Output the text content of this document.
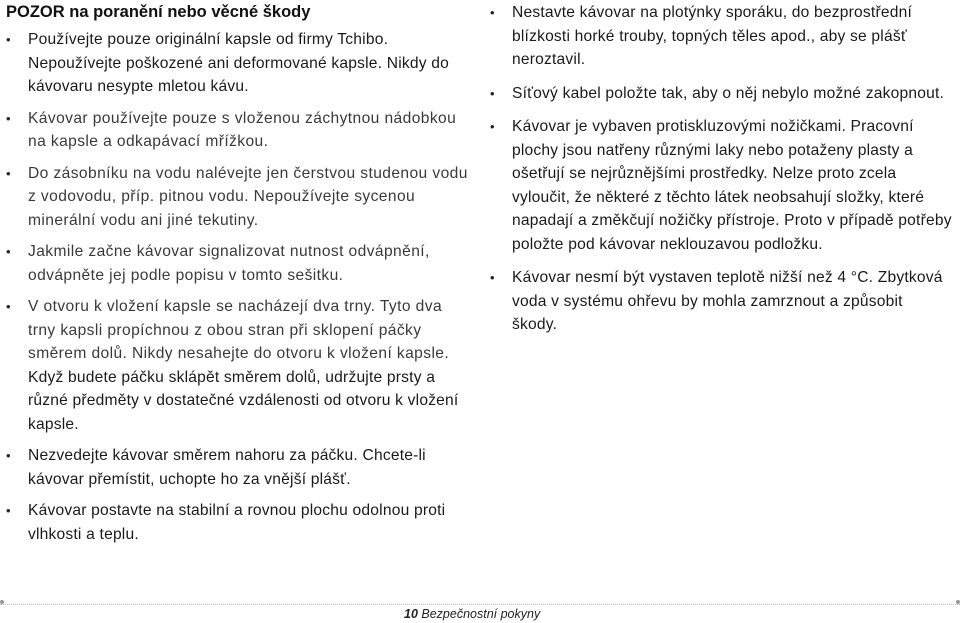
POZOR na poranění nebo věcné škody
• Používejte pouze originální kapsle od firmy Tchibo. Nepoužívejte poškozené ani deformované kapsle. Nikdy do kávovaru nesypte mletou kávu.
• Kávovar používejte pouze s vloženou záchytnou nádobkou na kapsle a odkapávací mřížkou.
• Do zásobníku na vodu nalévejte jen čerstvou studenou vodu z vodovodu, příp. pitnou vodu. Nepoužívejte sycenou minerální vodu ani jiné tekutiny.
• Jakmile začne kávovar signalizovat nutnost odvápnění, odvápněte jej podle popisu v tomto sešitku.
• V otvoru k vložení kapsle se nacházejí dva trny. Tyto dva trny kapsli propíchnou z obou stran při sklopení páčky směrem dolů. Nikdy nesahejte do otvoru k vložení kapsle. Když budete páčku sklápět směrem dolů, udržujte prsty a různé předměty v dostatečné vzdálenosti od otvoru k vložení kapsle.
• Nezvedejte kávovar směrem nahoru za páčku. Chcete-li kávovar přemístit, uchopte ho za vnější plášť.
• Kávovar postavte na stabilní a rovnou plochu odolnou proti vlhkosti a teplu.
• Nestavte kávovar na plotýnky sporáku, do bezprostřední blízkosti horké trouby, topných těles apod., aby se plášť neroztavil.
• Síťový kabel položte tak, aby o něj nebylo možné zakopnout.
• Kávovar je vybaven protiskluzovými nožičkami. Pracovní plochy jsou natřeny různými laky nebo potaženy plasty a ošetřují se nejrůznějšími prostředky. Nelze proto zcela vyloučit, že některé z těchto látek neobsahují složky, které napadají a změkčují nožičky přístroje. Proto v případě potřeby položte pod kávovar neklouzavou podložku.
• Kávovar nesmí být vystaven teplotě nižší než 4 °C. Zbytková voda v systému ohřevu by mohla zamrznout a způsobit škody.
10 Bezpečnostní pokyny
